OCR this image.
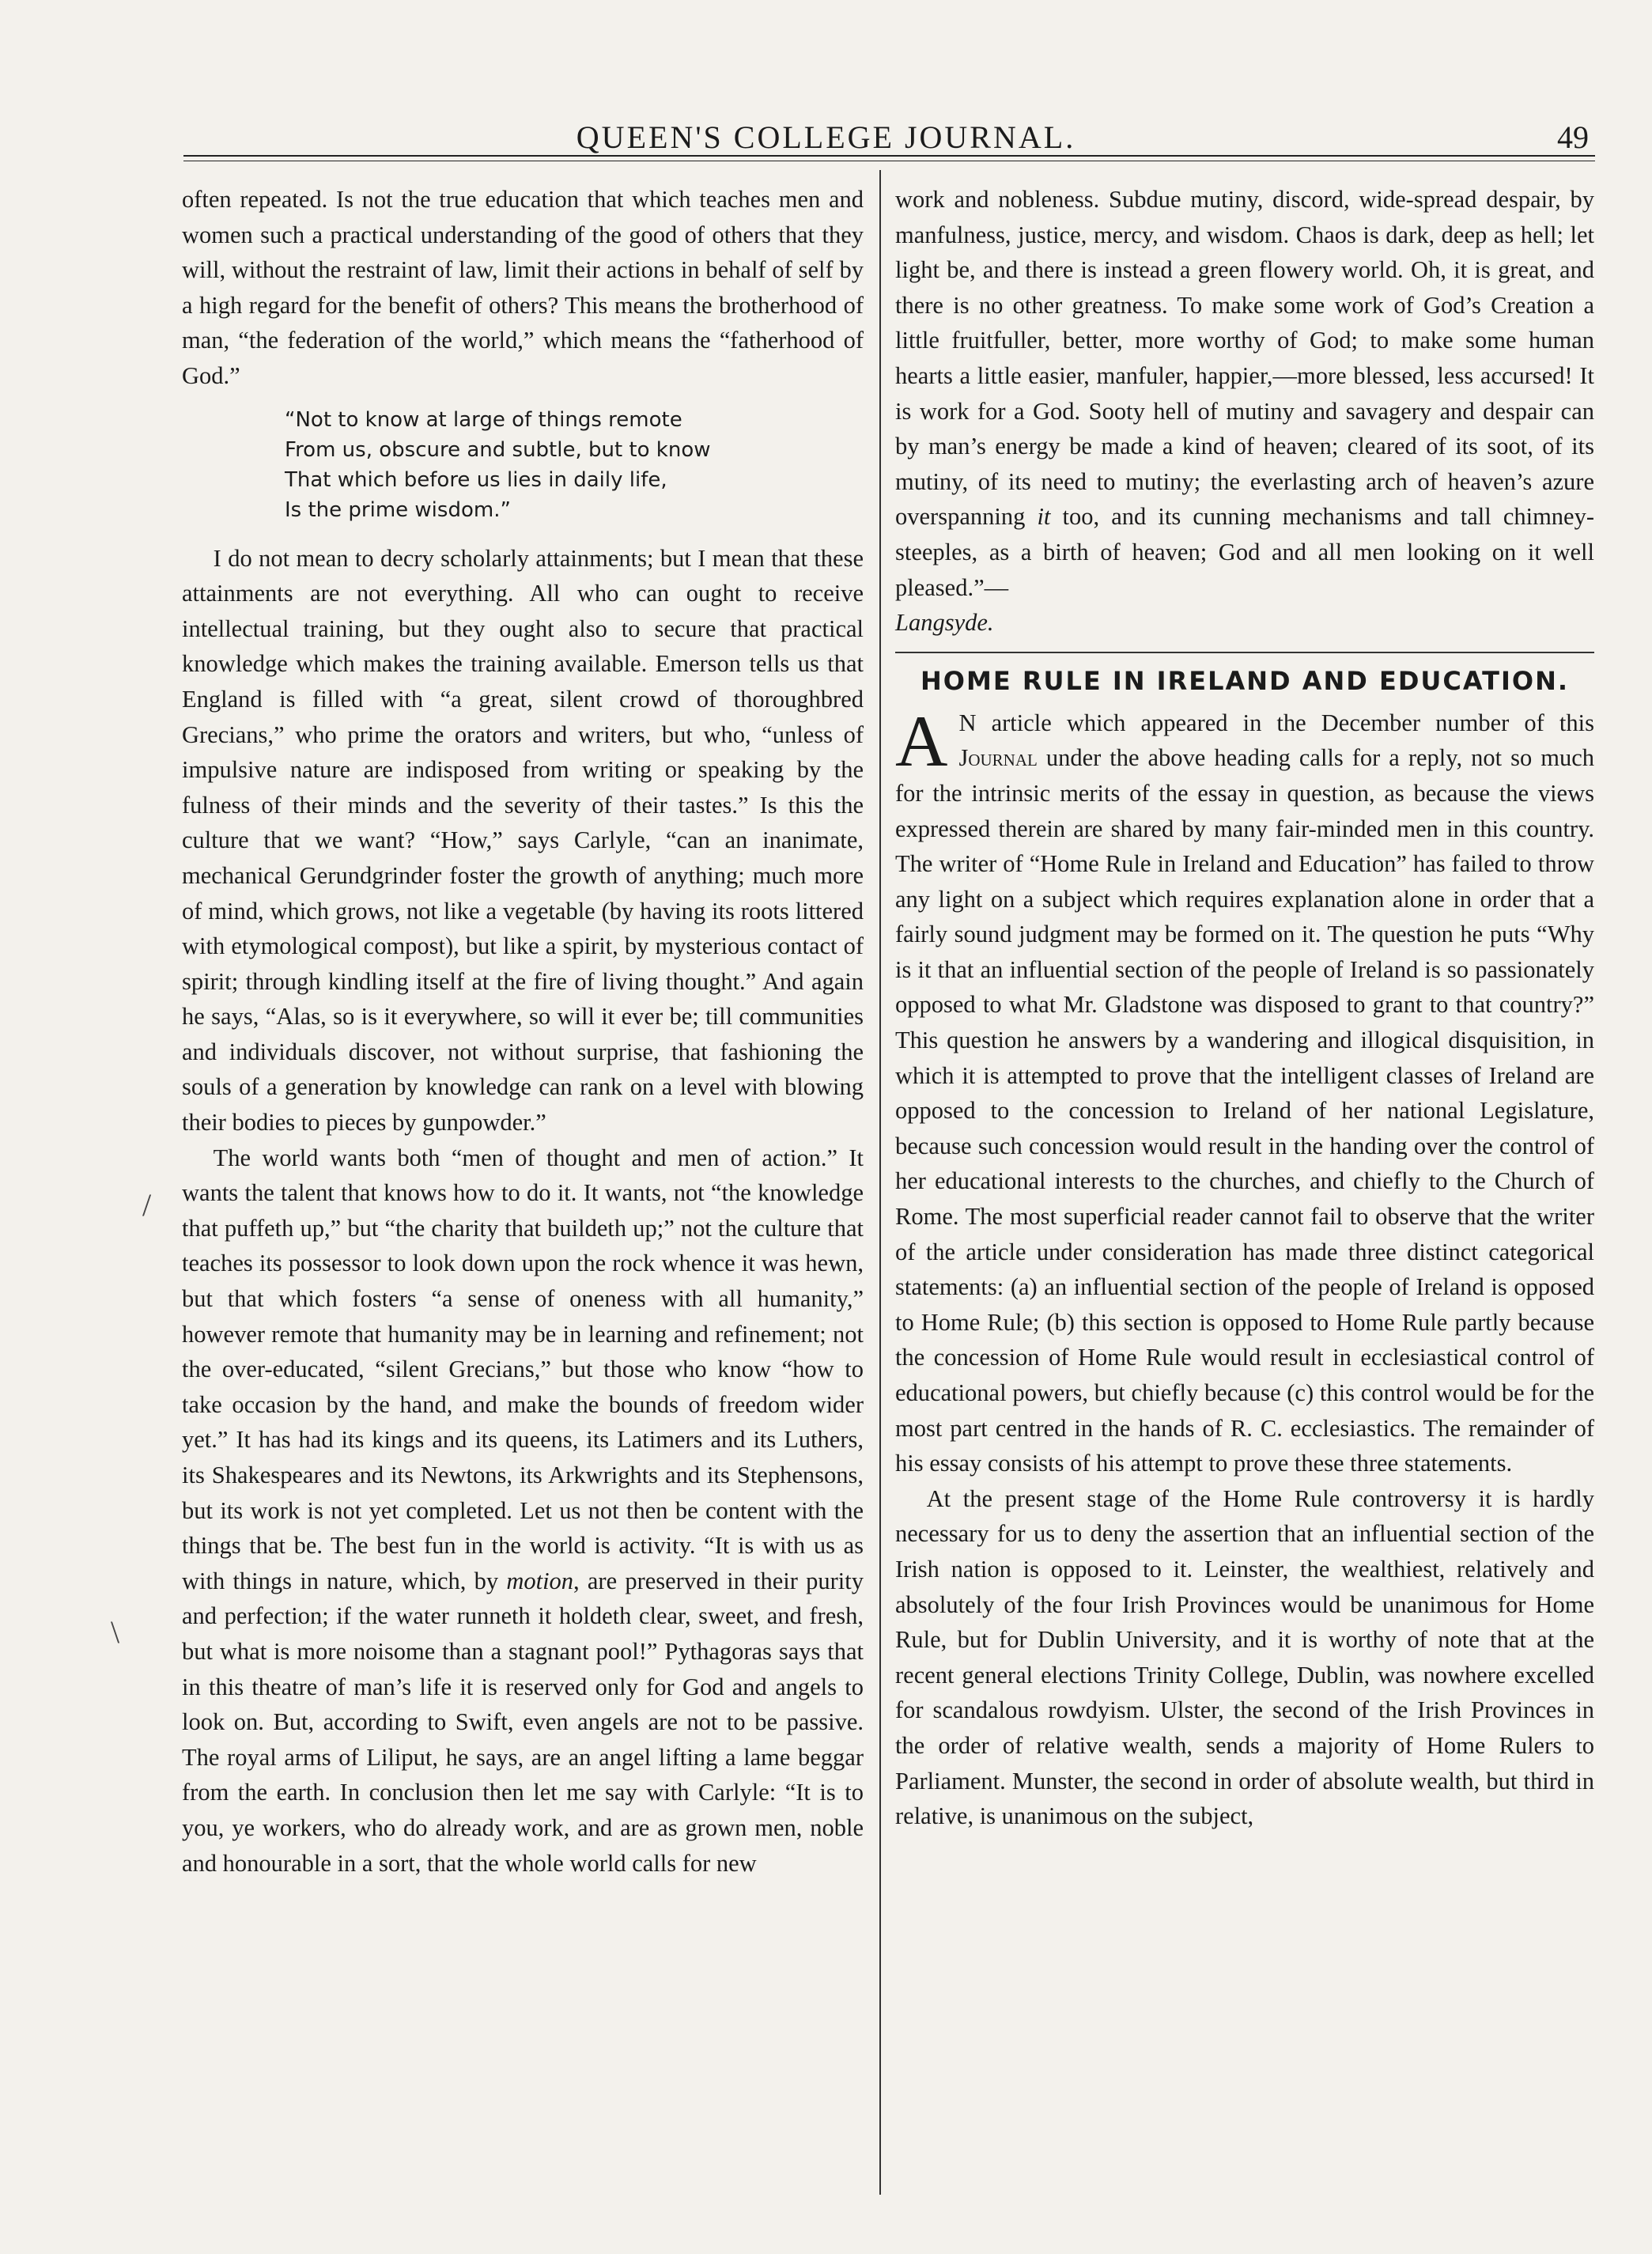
QUEEN'S COLLEGE JOURNAL.	49
/
\

often repeated. Is not the true education that which teaches men and women such a practical understanding of the good of others that they will, without the restraint of law, limit their actions in behalf of self by a high regard for the benefit of others? This means the brotherhood of man, “the federation of the world,” which means the “fatherhood of God.”

“Not to know at large of things remote
From us, obscure and subtle, but to know
That which before us lies in daily life,
Is the prime wisdom.”

I do not mean to decry scholarly attainments; but I mean that these attainments are not everything. All who can ought to receive intellectual training, but they ought also to secure that practical knowledge which makes the training available. Emerson tells us that England is filled with “a great, silent crowd of thoroughbred Grecians,” who prime the orators and writers, but who, “unless of impulsive nature are indisposed from writing or speaking by the fulness of their minds and the severity of their tastes.” Is this the culture that we want? “How,” says Carlyle, “can an inanimate, mechanical Gerundgrinder foster the growth of anything; much more of mind, which grows, not like a vegetable (by having its roots littered with etymological compost), but like a spirit, by mysterious contact of spirit; through kindling itself at the fire of living thought.” And again he says, “Alas, so is it everywhere, so will it ever be; till communities and individuals discover, not without surprise, that fashioning the souls of a generation by knowledge can rank on a level with blowing their bodies to pieces by gunpowder.”

The world wants both “men of thought and men of action.” It wants the talent that knows how to do it. It wants, not “the knowledge that puffeth up,” but “the charity that buildeth up;” not the culture that teaches its possessor to look down upon the rock whence it was hewn, but that which fosters “a sense of oneness with all humanity,” however remote that humanity may be in learning and refinement; not the over-educated, “silent Grecians,” but those who know “how to take occasion by the hand, and make the bounds of freedom wider yet.” It has had its kings and its queens, its Latimers and its Luthers, its Shakespeares and its Newtons, its Arkwrights and its Stephensons, but its work is not yet completed. Let us not then be content with the things that be. The best fun in the world is activity. “It is with us as with things in nature, which, by motion, are preserved in their purity and perfection; if the water runneth it holdeth clear, sweet, and fresh, but what is more noisome than a stagnant pool!” Pythagoras says that in this theatre of man’s life it is reserved only for God and angels to look on. But, according to Swift, even angels are not to be passive. The royal arms of Liliput, he says, are an angel lifting a lame beggar from the earth. In conclusion then let me say with Carlyle: “It is to you, ye workers, who do already work, and are as grown men, noble and honourable in a sort, that the whole world calls for new

work and nobleness. Subdue mutiny, discord, wide-spread despair, by manfulness, justice, mercy, and wisdom. Chaos is dark, deep as hell; let light be, and there is instead a green flowery world. Oh, it is great, and there is no other greatness. To make some work of God’s Creation a little fruitfuller, better, more worthy of God; to make some human hearts a little easier, manfuler, happier,—more blessed, less accursed! It is work for a God. Sooty hell of mutiny and savagery and despair can by man’s energy be made a kind of heaven; cleared of its soot, of its mutiny, of its need to mutiny; the everlasting arch of heaven’s azure overspanning it too, and its cunning mechanisms and tall chimney-steeples, as a birth of heaven; God and all men looking on it well pleased.”—
Langsyde.

HOME RULE IN IRELAND AND EDUCATION.

A N article which appeared in the December number of this Journal under the above heading calls for a reply, not so much for the intrinsic merits of the essay in question, as because the views expressed therein are shared by many fair-minded men in this country. The writer of “Home Rule in Ireland and Education” has failed to throw any light on a subject which requires explanation alone in order that a fairly sound judgment may be formed on it. The question he puts “Why is it that an influential section of the people of Ireland is so passionately opposed to what Mr. Gladstone was disposed to grant to that country?” This question he answers by a wandering and illogical disquisition, in which it is attempted to prove that the intelligent classes of Ireland are opposed to the concession to Ireland of her national Legislature, because such concession would result in the handing over the control of her educational interests to the churches, and chiefly to the Church of Rome. The most superficial reader cannot fail to observe that the writer of the article under consideration has made three distinct categorical statements: (a) an influential section of the people of Ireland is opposed to Home Rule; (b) this section is opposed to Home Rule partly because the concession of Home Rule would result in ecclesiastical control of educational powers, but chiefly because (c) this control would be for the most part centred in the hands of R. C. ecclesiastics. The remainder of his essay consists of his attempt to prove these three statements.

At the present stage of the Home Rule controversy it is hardly necessary for us to deny the assertion that an influential section of the Irish nation is opposed to it. Leinster, the wealthiest, relatively and absolutely of the four Irish Provinces would be unanimous for Home Rule, but for Dublin University, and it is worthy of note that at the recent general elections Trinity College, Dublin, was nowhere excelled for scandalous rowdyism. Ulster, the second of the Irish Provinces in the order of relative wealth, sends a majority of Home Rulers to Parliament. Munster, the second in order of absolute wealth, but third in relative, is unanimous on the subject,
